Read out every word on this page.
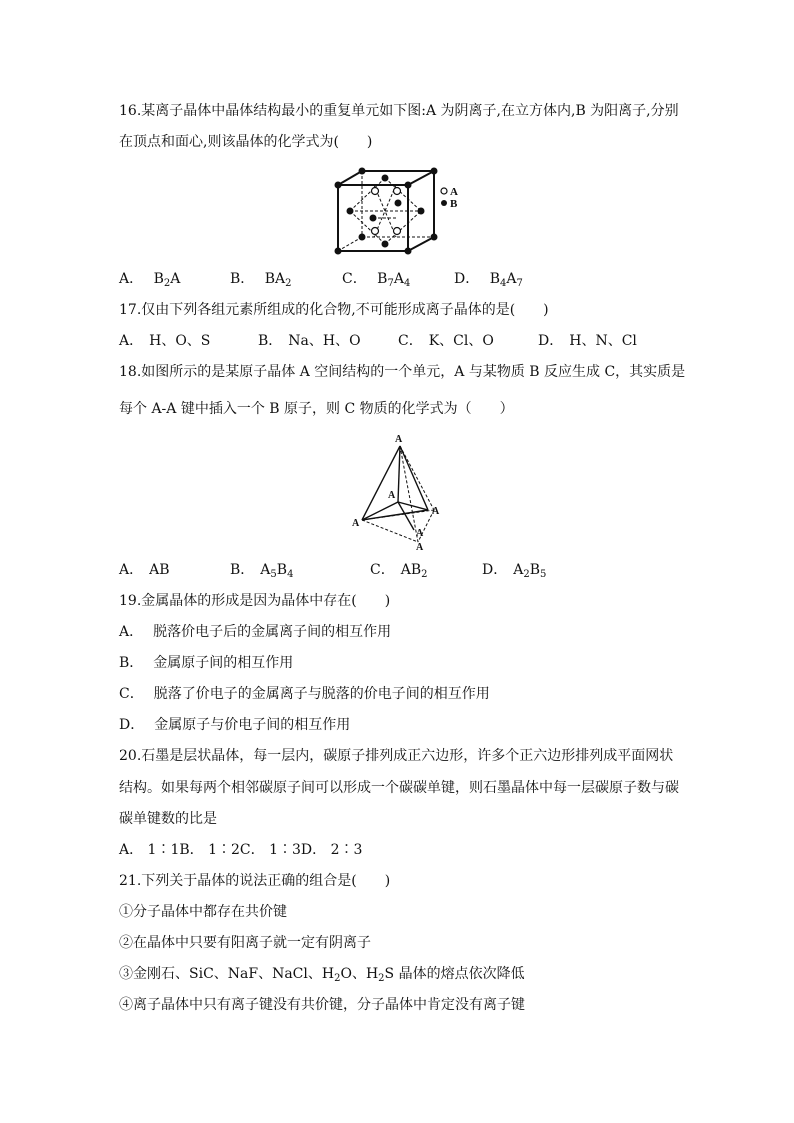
16.某离子晶体中晶体结构最小的重复单元如下图:A 为阴离子,在立方体内,B 为阳离子,分别
在顶点和面心,则该晶体的化学式为(　　)
A
B
A． $B_2A$	B． $BA_2$	C． $B_7A_4$	D． $B_4A_7$
17.仅由下列各组元素所组成的化合物,不可能形成离子晶体的是(　　)
A． H、O、S	B． Na、H、O	C． K、Cl、O	D． H、N、Cl
18.如图所示的是某原子晶体 A 空间结构的一个单元，A 与某物质 B 反应生成 C，其实质是
每个 A-A 键中插入一个 B 原子，则 C 物质的化学式为（　　）
A
A
A
A
A
A
A． AB	B． $A_5B_4$	C． $AB_2$	D． $A_2B_5$
19.金属晶体的形成是因为晶体中存在(　　)
A． 脱落价电子后的金属离子间的相互作用
B． 金属原子间的相互作用
C． 脱落了价电子的金属离子与脱落的价电子间的相互作用
D． 金属原子与价电子间的相互作用
20.石墨是层状晶体，每一层内，碳原子排列成正六边形，许多个正六边形排列成平面网状
结构。如果每两个相邻碳原子间可以形成一个碳碳单键，则石墨晶体中每一层碳原子数与碳
碳单键数的比是
A． 1∶1B． 1∶2C． 1∶3D． 2∶3
21.下列关于晶体的说法正确的组合是(　　)
①分子晶体中都存在共价键
②在晶体中只要有阳离子就一定有阴离子
③金刚石、SiC、NaF、NaCl、$H_2O$、$H_2S$ 晶体的熔点依次降低
④离子晶体中只有离子键没有共价键，分子晶体中肯定没有离子键
